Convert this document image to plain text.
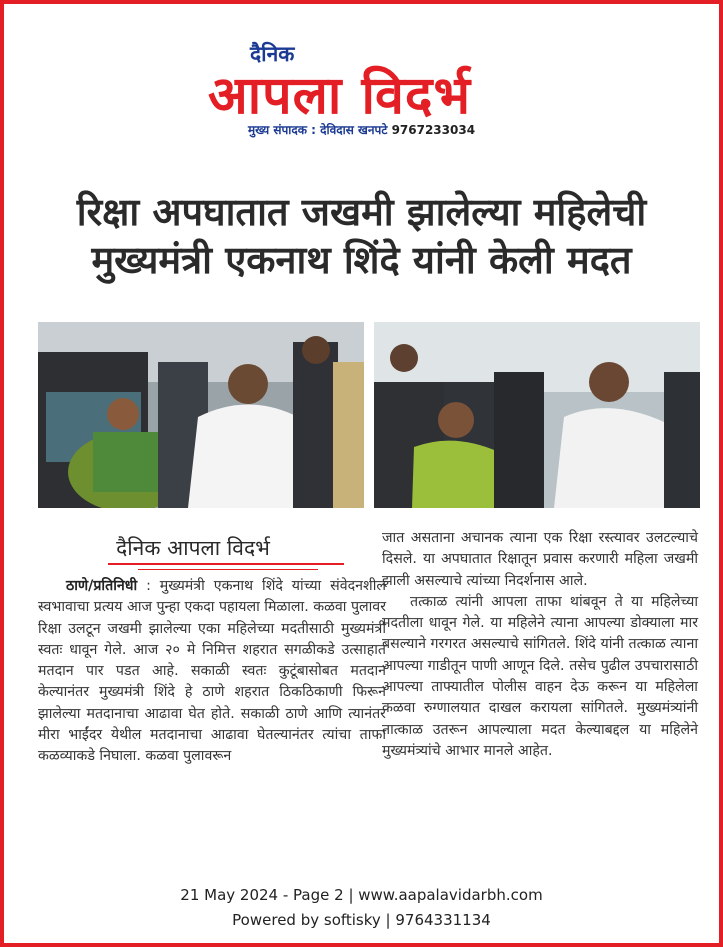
दैनिक
आपला विदर्भ
मुख्य संपादक : देविदास खनपटे 9767233034
रिक्षा अपघातात जखमी झालेल्या महिलेची
मुख्यमंत्री एकनाथ शिंदे यांनी केली मदत
दैनिक आपला विदर्भ

ठाणे/प्रतिनिधी : मुख्यमंत्री एकनाथ शिंदे यांच्या संवेदनशील स्वभावाचा प्रत्यय आज पुन्हा एकदा पहायला मिळाला. कळवा पुलावर रिक्षा उलटून जखमी झालेल्या एका महिलेच्या मदतीसाठी मुख्यमंत्री स्वतः धावून गेले. आज २० मे निमित्त शहरात सगळीकडे उत्साहात मतदान पार पडत आहे. सकाळी स्वतः कुटूंबासोबत मतदान केल्यानंतर मुख्यमंत्री शिंदे हे ठाणे शहरात ठिकठिकाणी फिरून झालेल्या मतदानाचा आढावा घेत होते. सकाळी ठाणे आणि त्यानंतर मीरा भाईंदर येथील मतदानाचा आढावा घेतल्यानंतर त्यांचा ताफा कळव्याकडे निघाला. कळवा पुलावरून

जात असताना अचानक त्याना एक रिक्षा रस्त्यावर उलटल्याचे दिसले. या अपघातात रिक्षातून प्रवास करणारी महिला जखमी झाली असल्याचे त्यांच्या निदर्शनास आले.

तत्काळ त्यांनी आपला ताफा थांबवून ते या महिलेच्या मदतीला धावून गेले. या महिलेने त्याना आपल्या डोक्याला मार बसल्याने गरगरत असल्याचे सांगितले. शिंदे यांनी तत्काळ त्याना आपल्या गाडीतून पाणी आणून दिले. तसेच पुढील उपचारासाठी आपल्या ताफ्यातील पोलीस वाहन देऊ करून या महिलेला कळवा रुग्णालयात दाखल करायला सांगितले. मुख्यमंत्र्यांनी तात्काळ उतरून आपल्याला मदत केल्याबद्दल या महिलेने मुख्यमंत्र्यांचे आभार मानले आहेत.

21 May 2024 - Page 2 | www.aapalavidarbh.com
Powered by softisky | 9764331134
